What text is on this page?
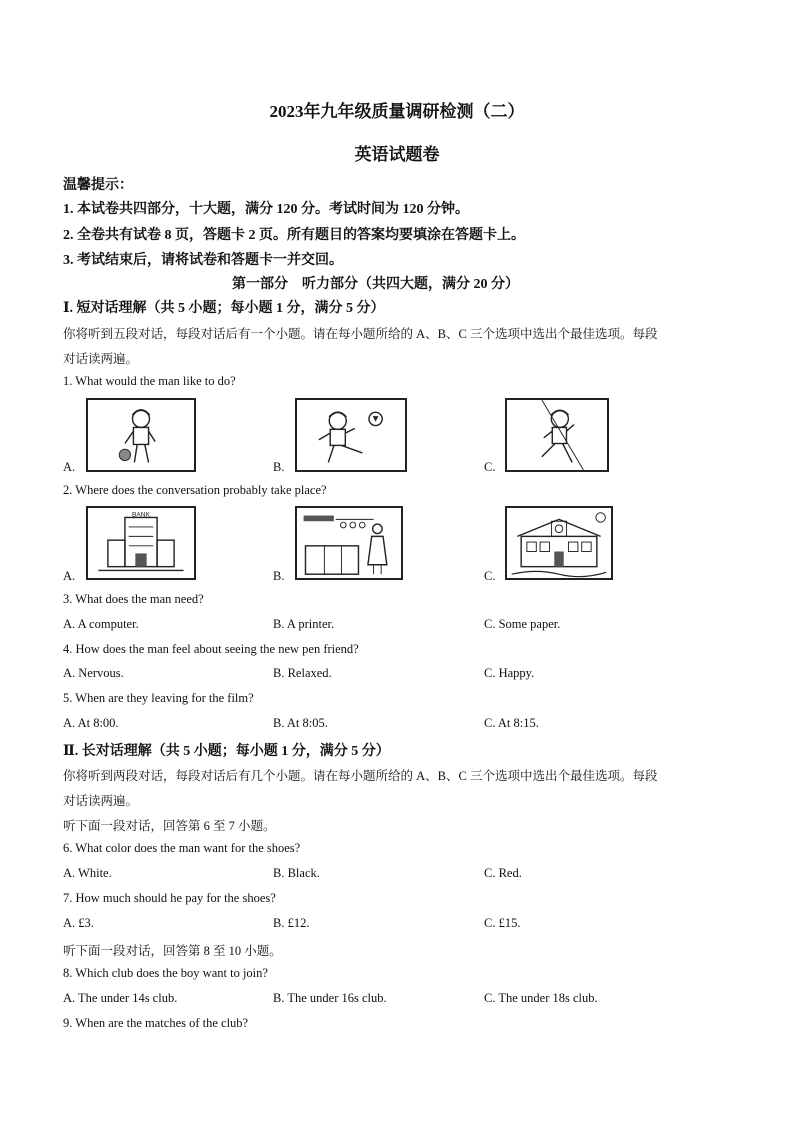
2023年九年级质量调研检测（二）
英语试题卷
温馨提示：
1. 本试卷共四部分，十大题，满分 120 分。考试时间为 120 分钟。
2. 全卷共有试卷 8 页，答题卡 2 页。所有题目的答案均要填涂在答题卡上。
3. 考试结束后，请将试卷和答题卡一并交回。
第一部分　听力部分（共四大题，满分 20 分）
Ⅰ. 短对话理解（共 5 小题；每小题 1 分，满分 5 分）
你将听到五段对话，每段对话后有一个小题。请在每小题所给的 A、B、C 三个选项中选出个最佳选项。每段
对话读两遍。
1. What would the man like to do?
A.	B.	C.
2. Where does the conversation probably take place?
A.	B.	C.
BANK
3. What does the man need?
A. A computer.	B. A printer.	C. Some paper.
4. How does the man feel about seeing the new pen friend?
A. Nervous.	B. Relaxed.	C. Happy.
5. When are they leaving for the film?
A. At 8:00.	B. At 8:05.	C. At 8:15.
Ⅱ. 长对话理解（共 5 小题；每小题 1 分，满分 5 分）
你将听到两段对话，每段对话后有几个小题。请在每小题所给的 A、B、C 三个选项中选出个最佳选项。每段
对话读两遍。
听下面一段对话，回答第 6 至 7 小题。
6. What color does the man want for the shoes?
A. White.	B. Black.	C. Red.
7. How much should he pay for the shoes?
A. £3.	B. £12.	C. £15.
听下面一段对话，回答第 8 至 10 小题。
8. Which club does the boy want to join?
A. The under 14s club.	B. The under 16s club.	C. The under 18s club.
9. When are the matches of the club?
